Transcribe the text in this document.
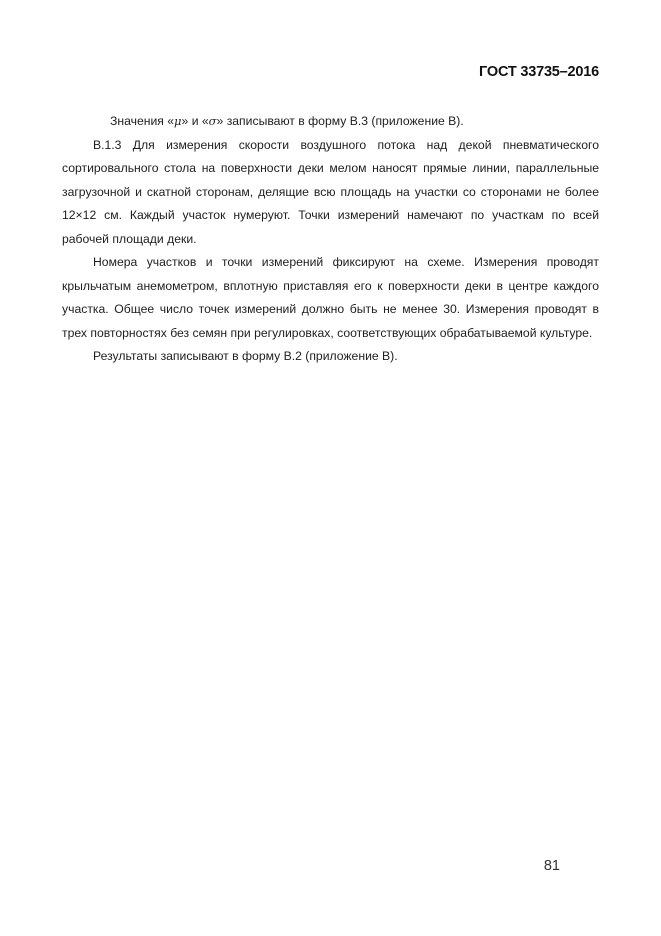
ГОСТ 33735–2016

Значения «μ» и «σ» записывают в форму В.3 (приложение В).

В.1.3 Для измерения скорости воздушного потока над декой пневматического сортировального стола на поверхности деки мелом наносят прямые линии, параллельные загрузочной и скатной сторонам, делящие всю площадь на участки со сторонами не более 12×12 см. Каждый участок нумеруют. Точки измерений намечают по участкам по всей рабочей площади деки.

Номера участков и точки измерений фиксируют на схеме. Измерения проводят крыльчатым анемометром, вплотную приставляя его к поверхности деки в центре каждого участка. Общее число точек измерений должно быть не менее 30. Измерения проводят в трех повторностях без семян при регулировках, соответствующих обрабатываемой культуре.

Результаты записывают в форму В.2 (приложение В).

81
